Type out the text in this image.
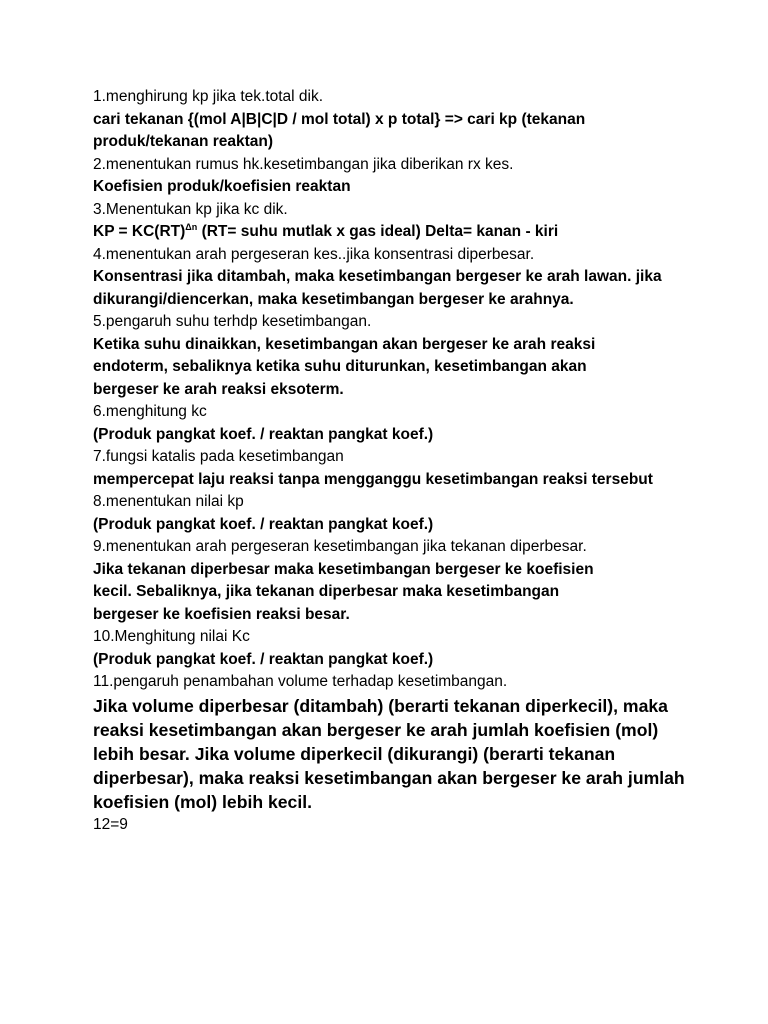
1.menghirung kp jika tek.total dik.
cari tekanan {(mol A|B|C|D / mol total) x p total} => cari kp (tekanan produk/tekanan reaktan)
2.menentukan rumus hk.kesetimbangan jika diberikan rx kes.
Koefisien produk/koefisien reaktan
3.Menentukan kp jika kc dik.
KP = KC(RT)$^{\Delta n}$ (RT= suhu mutlak x gas ideal) Delta= kanan - kiri
4.menentukan arah pergeseran kes..jika konsentrasi diperbesar.
Konsentrasi jika ditambah, maka kesetimbangan bergeser ke arah lawan. jika dikurangi/diencerkan, maka kesetimbangan bergeser ke arahnya.
5.pengaruh suhu terhdp kesetimbangan.
Ketika suhu dinaikkan, kesetimbangan akan bergeser ke arah reaksi endoterm, sebaliknya ketika suhu diturunkan, kesetimbangan akan bergeser ke arah reaksi eksoterm.
6.menghitung kc
(Produk pangkat koef. / reaktan pangkat koef.)
7.fungsi katalis pada kesetimbangan
mempercepat laju reaksi tanpa mengganggu kesetimbangan reaksi tersebut
8.menentukan nilai kp
(Produk pangkat koef. / reaktan pangkat koef.)
9.menentukan arah pergeseran kesetimbangan jika tekanan diperbesar.
Jika tekanan diperbesar maka kesetimbangan bergeser ke koefisien kecil. Sebaliknya, jika tekanan diperbesar maka kesetimbangan bergeser ke koefisien reaksi besar.
10.Menghitung nilai Kc
(Produk pangkat koef. / reaktan pangkat koef.)
11.pengaruh penambahan volume terhadap kesetimbangan.
Jika volume diperbesar (ditambah) (berarti tekanan diperkecil), maka reaksi kesetimbangan akan bergeser ke arah jumlah koefisien (mol) lebih besar. Jika volume diperkecil (dikurangi) (berarti tekanan diperbesar), maka reaksi kesetimbangan akan bergeser ke arah jumlah koefisien (mol) lebih kecil.
12=9
